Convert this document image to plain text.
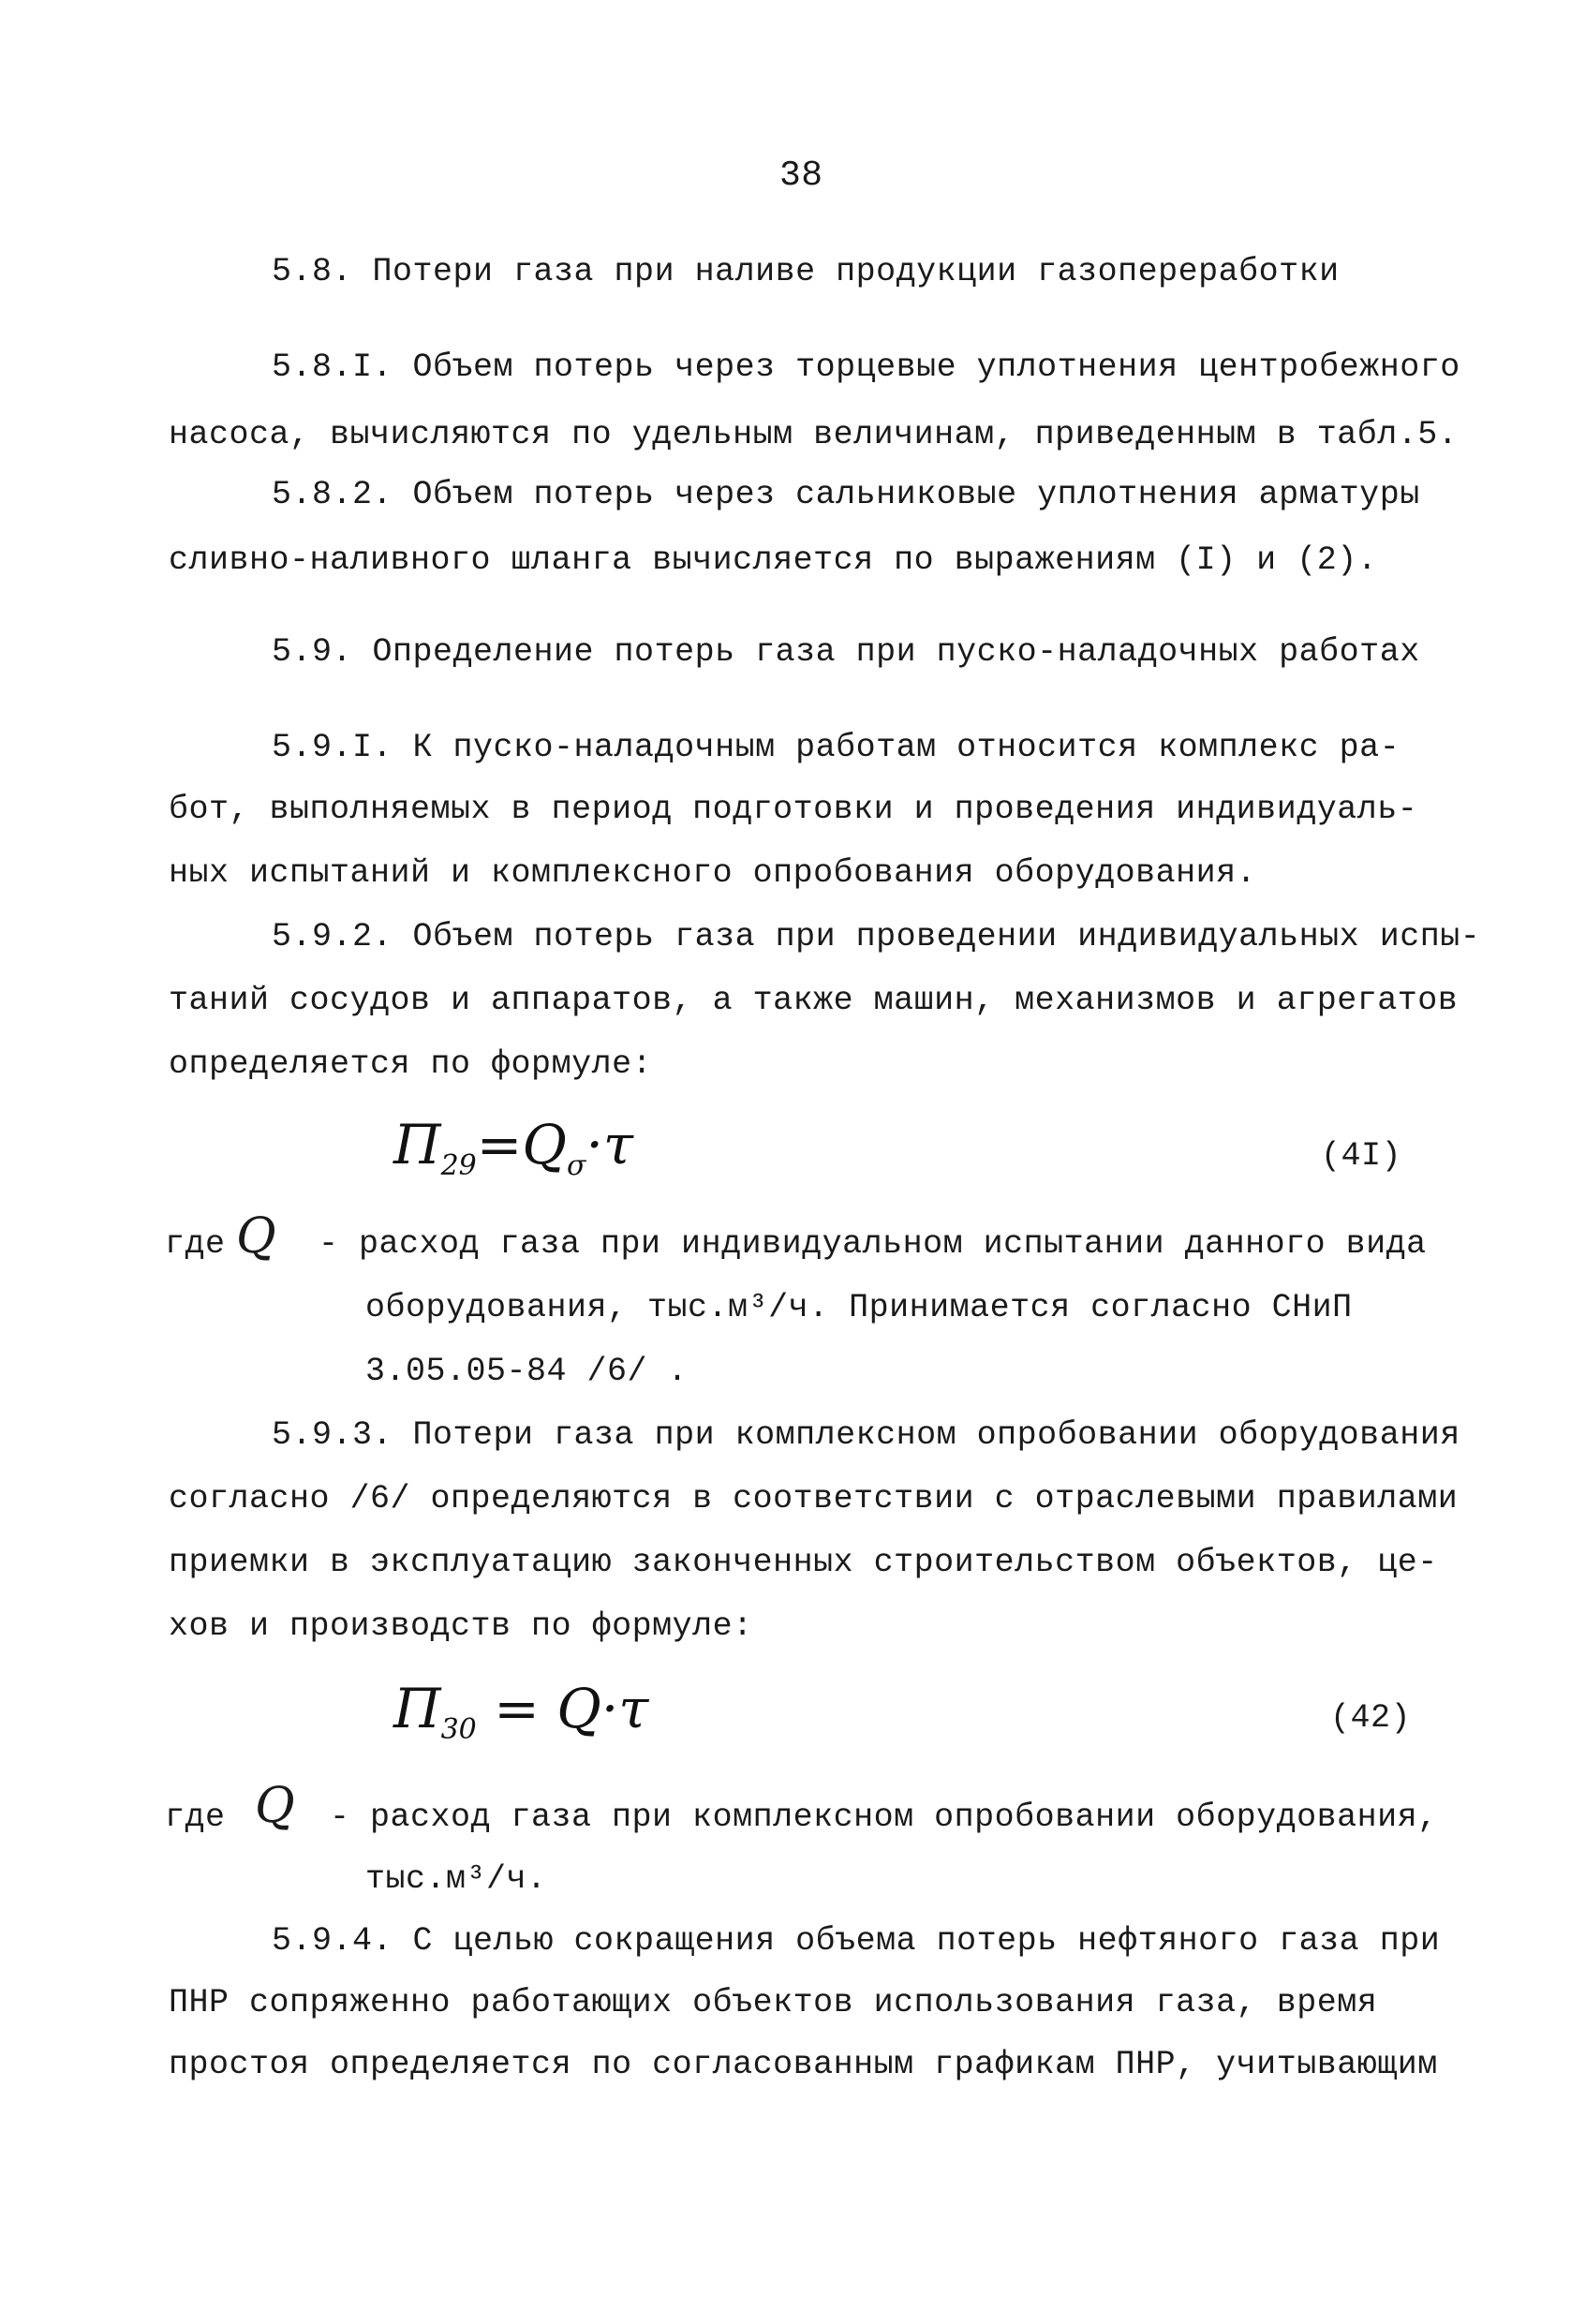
38
5.8. Потери газа при наливе продукции газопереработки
5.8.I. Объем потерь через торцевые уплотнения центробежного
насоса, вычисляются по удельным величинам, приведенным в табл.5.
5.8.2. Объем потерь через сальниковые уплотнения арматуры
сливно-наливного шланга вычисляется по выражениям (I) и (2).
5.9. Определение потерь газа при пуско-наладочных работах
5.9.I. К пуско-наладочным работам относится комплекс ра-
бот, выполняемых в период подготовки и проведения индивидуаль-
ных испытаний и комплексного опробования оборудования.
5.9.2. Объем потерь газа при проведении индивидуальных испы-
таний сосудов и аппаратов, а также машин, механизмов и агрегатов
определяется по формуле:
$П_{29}=Q_\sigma\cdot\tau$	(4I)
где Q - расход газа при индивидуальном испытании данного вида
оборудования, тыс.м³/ч. Принимается согласно СНиП
3.05.05-84 /6/ .
5.9.3. Потери газа при комплексном опробовании оборудования
согласно /6/ определяются в соответствии с отраслевыми правилами
приемки в эксплуатацию законченных строительством объектов, це-
хов и производств по формуле:
$П_{30} = Q\cdot\tau$	(42)
где Q - расход газа при комплексном опробовании оборудования,
тыс.м³/ч.
5.9.4. С целью сокращения объема потерь нефтяного газа при
ПНР сопряженно работающих объектов использования газа, время
простоя определяется по согласованным графикам ПНР, учитывающим
